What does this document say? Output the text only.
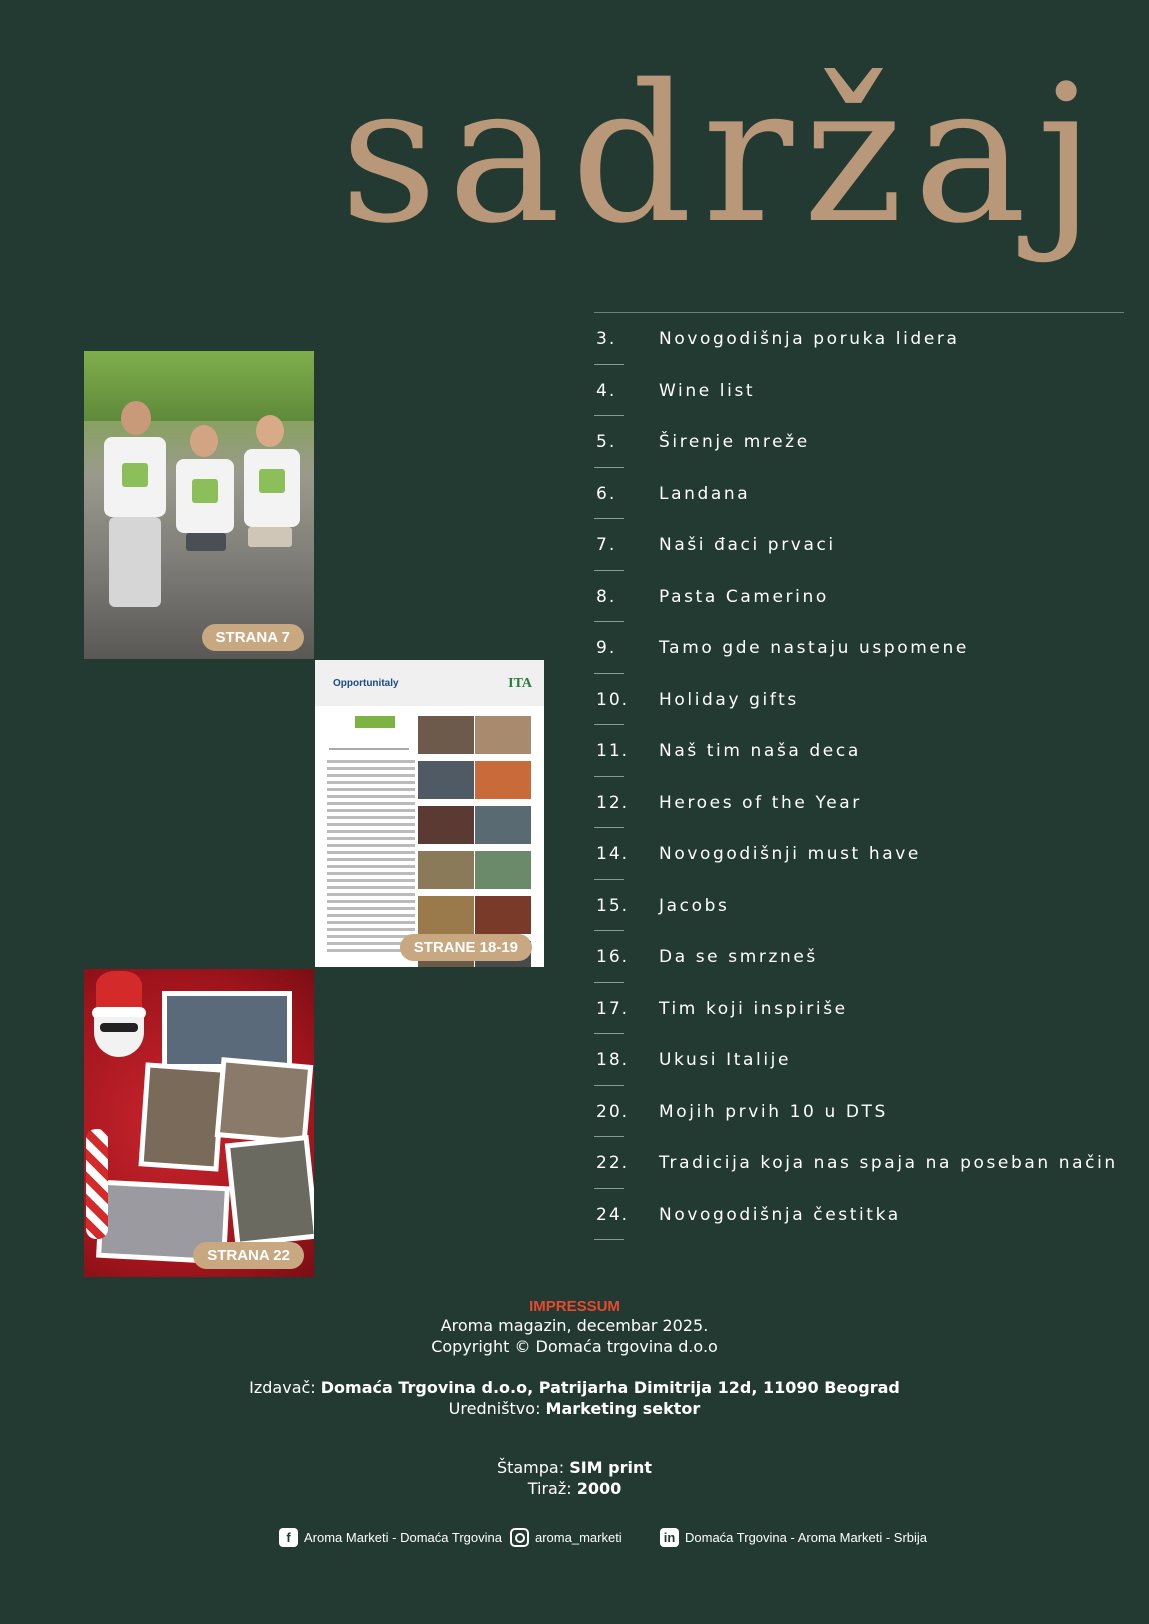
sadržaj
3.	Novogodišnja poruka lidera
4.	Wine list
5.	Širenje mreže
6.	Landana
7.	Naši đaci prvaci
8.	Pasta Camerino
9.	Tamo gde nastaju uspomene
10. Holiday gifts
11. Naš tim naša deca
12. Heroes of the Year
14. Novogodišnji must have
15. Jacobs
16. Da se smrzneš
17. Tim koji inspiriše
18. Ukusi Italije
20. Mojih prvih 10 u DTS
22. Tradicija koja nas spaja na poseban način
24. Novogodišnja čestitka
STRANA 7
Opportunitaly	ITA

STRANE 18-19
STRANA 22
IMPRESSUM
Aroma magazin, decembar 2025.
Copyright © Domaća trgovina d.o.o
Izdavač: Domaća Trgovina d.o.o, Patrijarha Dimitrija 12d, 11090 Beograd
Uredništvo: Marketing sektor
Štampa: SIM print
Tiraž: 2000
f	Aroma Marketi - Domaća Trgovina	aroma_marketi	in Domaća Trgovina - Aroma Marketi - Srbija
